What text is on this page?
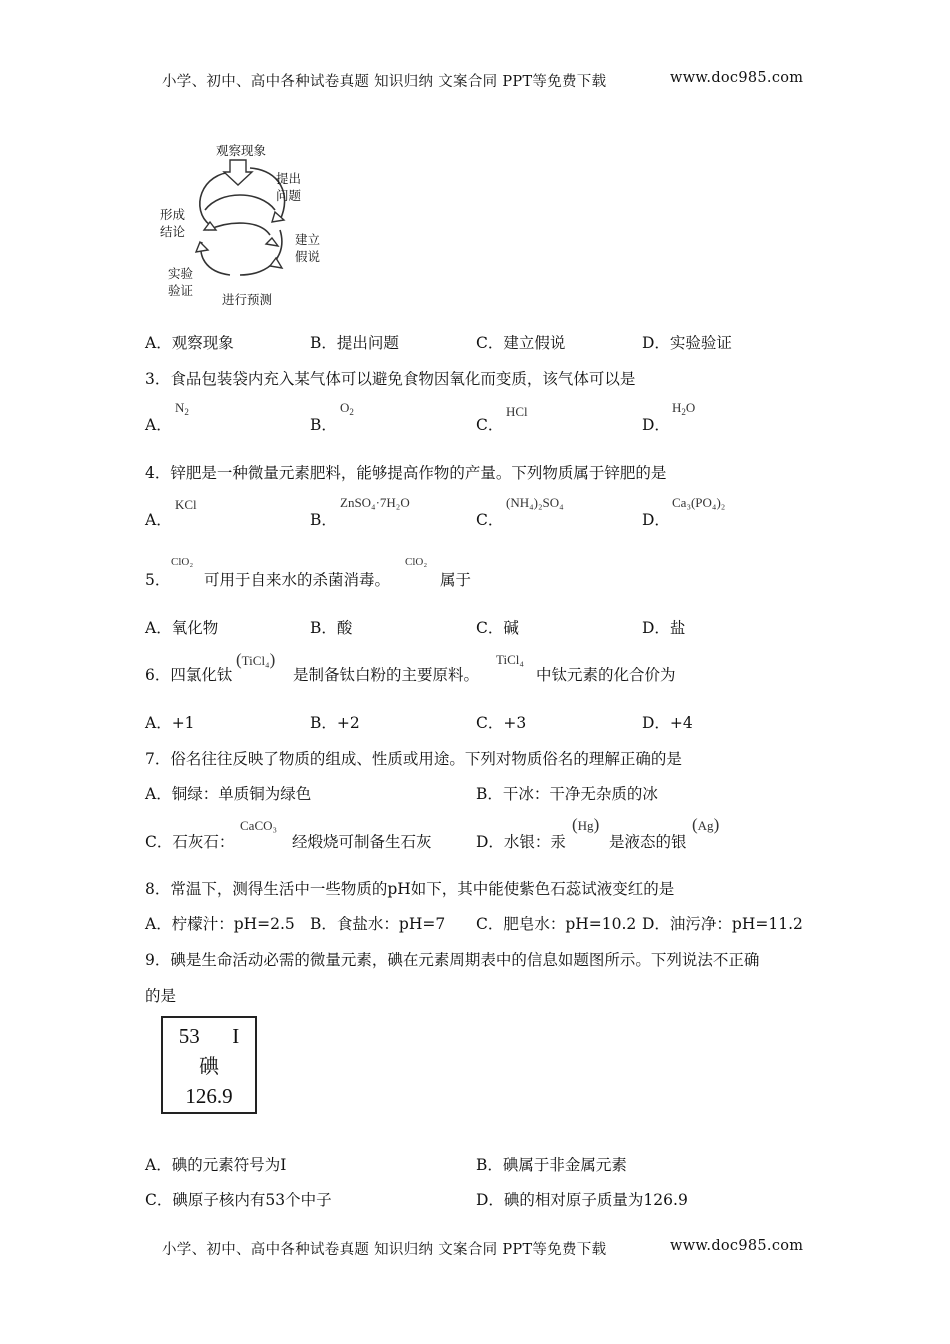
小学、初中、高中各种试卷真题 知识归纳 文案合同 PPT等免费下载	www.doc985.com
观察现象
提出
问题
建立
假说
进行预测
实验
验证
形成
结论
A．观察现象	B．提出问题	C．建立假说	D．实验验证
3．食品包装袋内充入某气体可以避免食物因氧化而变质，该气体可以是
A．
$N_2$
B．
$O_2$
C．
HCl
D．
$H_2O$
4．锌肥是一种微量元素肥料，能够提高作物的产量。下列物质属于锌肥的是
A．
KCl
B．
ZnSO₄·7H₂O
C．
(NH₄)₂SO₄
D．
Ca₃(PO₄)₂
5．
ClO₂
可用于自来水的杀菌消毒。
ClO₂
属于
A．氧化物	B．酸	C．碱	D．盐
6．四氯化钛
(TiCl₄)
是制备钛白粉的主要原料。
TiCl₄
中钛元素的化合价为
A．+1	B．+2	C．+3	D．+4
7．俗名往往反映了物质的组成、性质或用途。下列对物质俗名的理解正确的是
A．铜绿：单质铜为绿色	B．干冰：干净无杂质的冰
C．石灰石：
CaCO₃
经煅烧可制备生石灰	D．水银：汞
(Hg)
是液态的银
(Ag)
8．常温下，测得生活中一些物质的pH如下，其中能使紫色石蕊试液变红的是
A．柠檬汁：pH=2.5 B．食盐水：pH=7 C．肥皂水：pH=10.2 D．油污净：pH=11.2
9．碘是生命活动必需的微量元素，碘在元素周期表中的信息如题图所示。下列说法不正确
的是
53 I
碘
126.9
A．碘的元素符号为I	B．碘属于非金属元素
C．碘原子核内有53个中子	D．碘的相对原子质量为126.9
小学、初中、高中各种试卷真题 知识归纳 文案合同 PPT等免费下载	www.doc985.com
